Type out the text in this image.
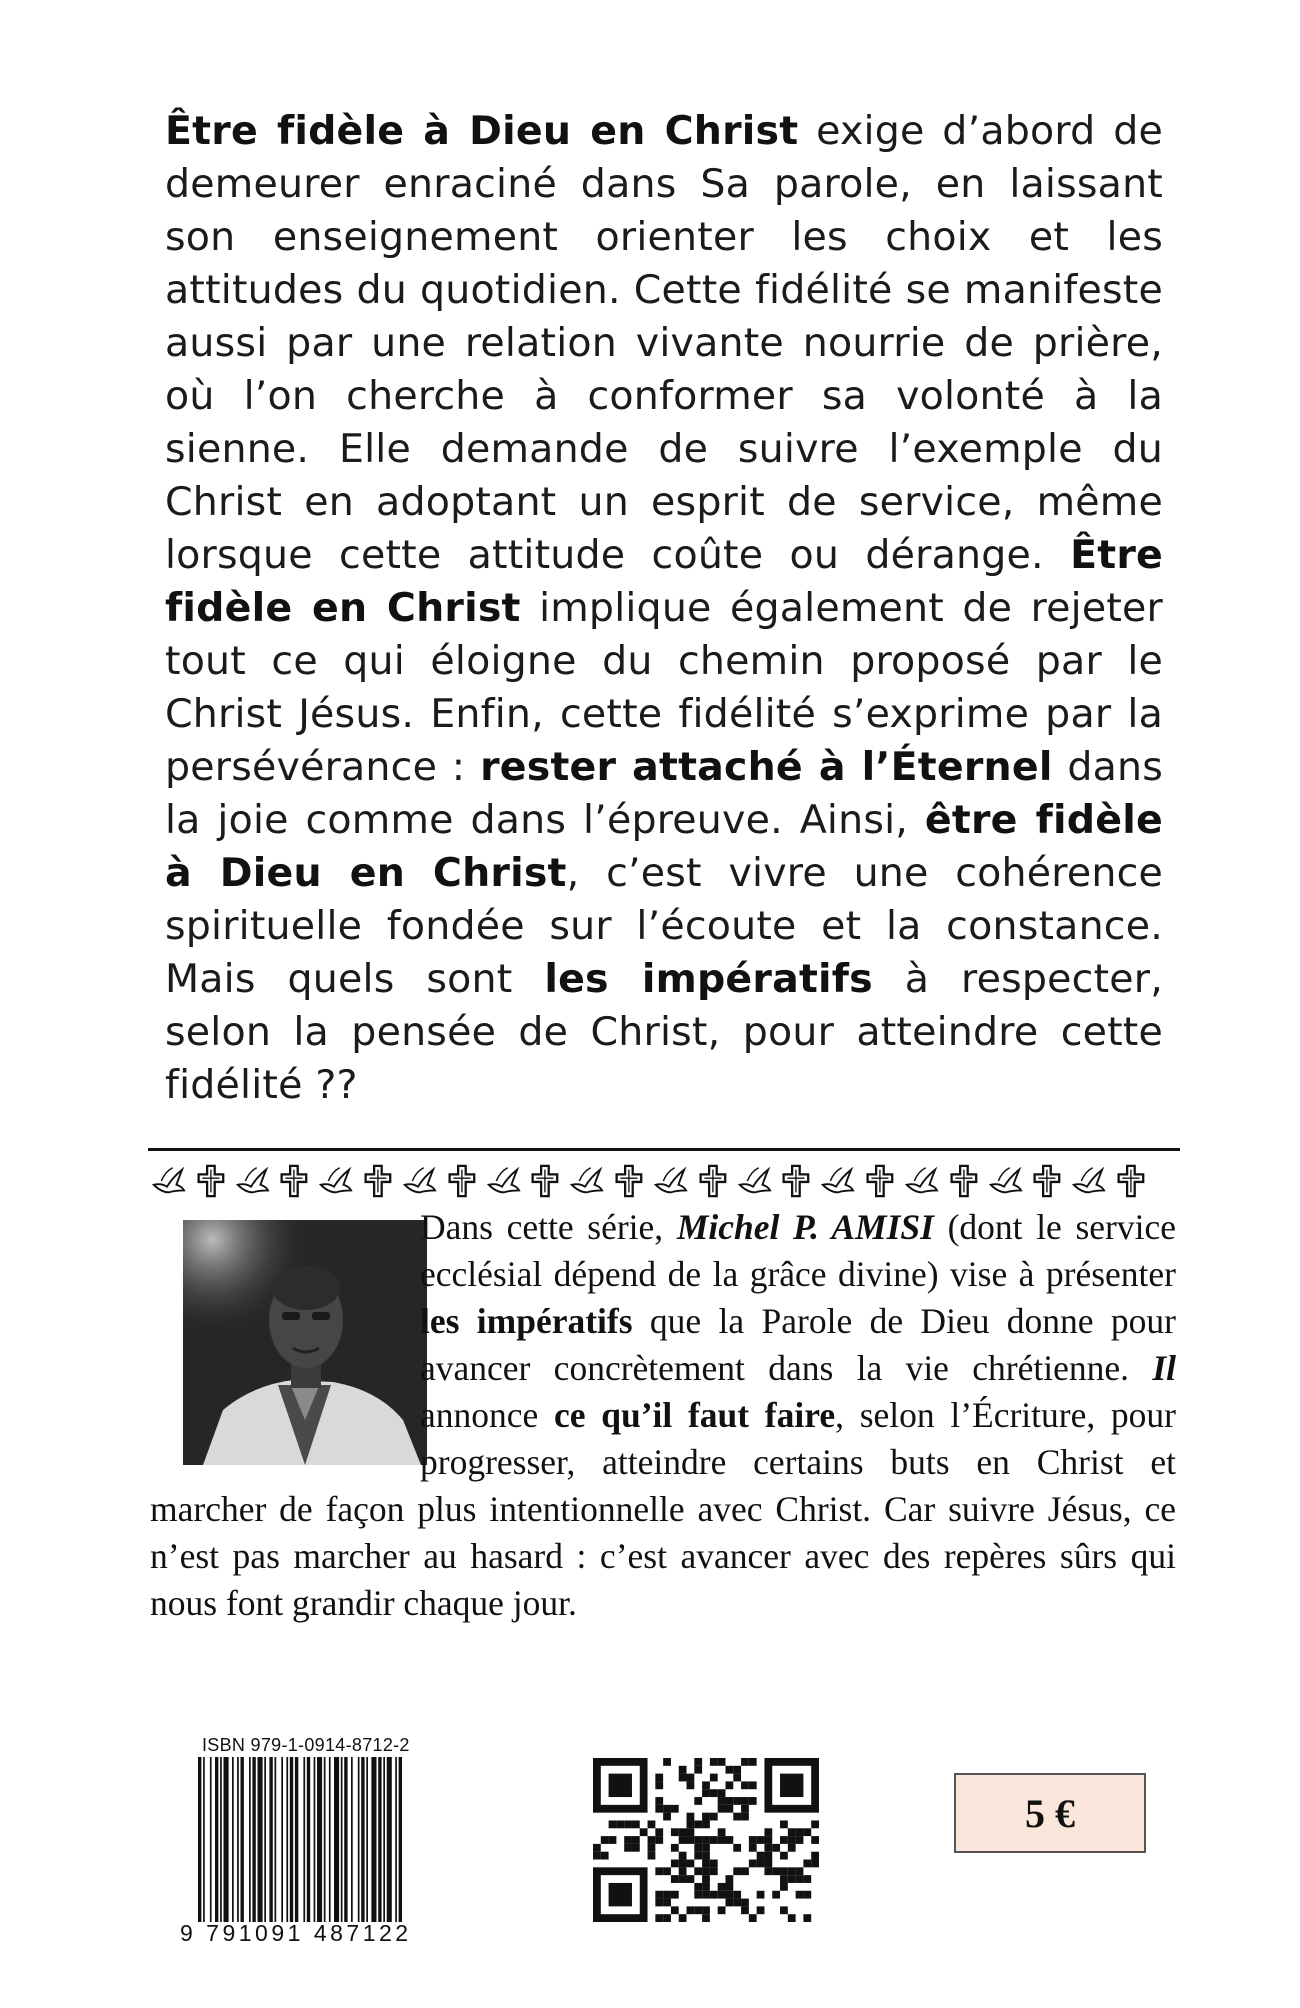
Être fidèle à Dieu en Christ exige d’abord de demeurer enraciné dans Sa parole, en laissant son enseignement orienter les choix et les attitudes du quotidien. Cette fidélité se manifeste aussi par une relation vivante nourrie de prière, où l’on cherche à conformer sa volonté à la sienne. Elle demande de suivre l’exemple du Christ en adoptant un esprit de service, même lorsque cette attitude coûte ou dérange. Être fidèle en Christ implique également de rejeter tout ce qui éloigne du chemin proposé par le Christ Jésus. Enfin, cette fidélité s’exprime par la persévérance : rester attaché à l’Éternel dans la joie comme dans l’épreuve. Ainsi, être fidèle à Dieu en Christ, c’est vivre une cohérence spirituelle fondée sur l’écoute et la constance. Mais quels sont les impératifs à respecter, selon la pensée de Christ, pour atteindre cette fidélité ??
Dans cette série, Michel P. AMISI (dont le service ecclésial dépend de la grâce divine) vise à présenter les impératifs que la Parole de Dieu donne pour avancer concrètement dans la vie chrétienne. Il annonce ce qu’il faut faire, selon l’Écriture, pour progresser, atteindre certains buts en Christ et marcher de façon plus intentionnelle avec Christ. Car suivre Jésus, ce n’est pas marcher au hasard : c’est avancer avec des repères sûrs qui nous font grandir chaque jour.
ISBN 979-1-0914-8712-2
9 791091 487122
5 €
